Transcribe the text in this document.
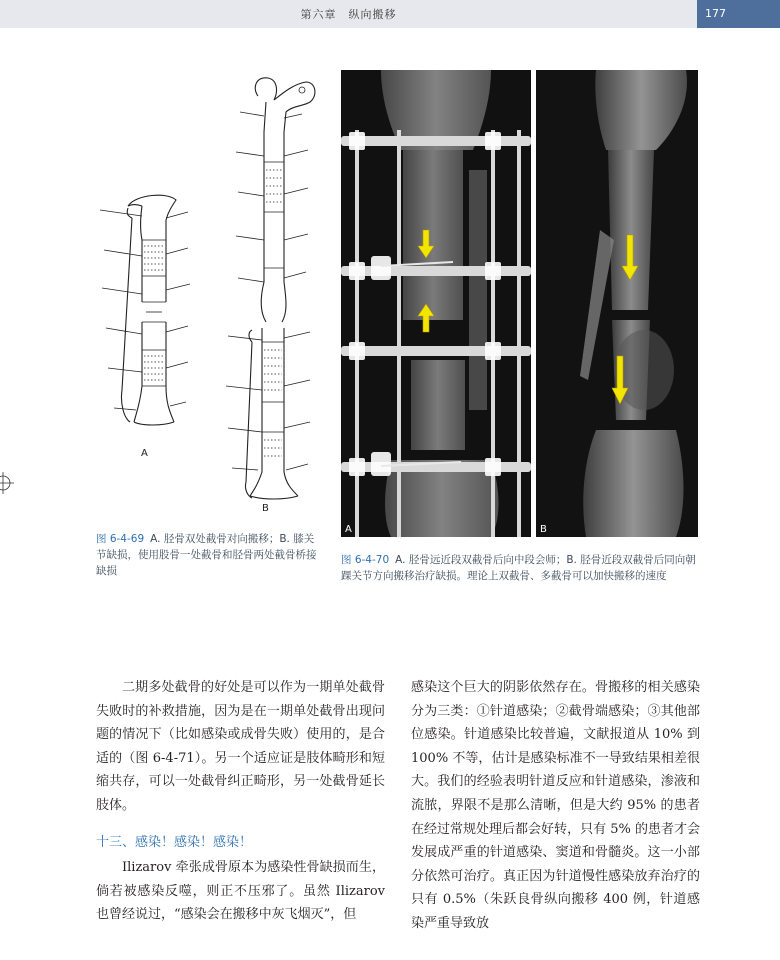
第六章　纵向搬移	177
A
B
A	B
图 6-4-69 A. 胫骨双处截骨对向搬移；B. 膝关节缺损，使用股骨一处截骨和胫骨两处截骨桥接缺损
图 6-4-70 A. 胫骨远近段双截骨后向中段会师；B. 胫骨近段双截骨后同向朝踝关节方向搬移治疗缺损。理论上双截骨、多截骨可以加快搬移的速度

二期多处截骨的好处是可以作为一期单处截骨失败时的补救措施，因为是在一期单处截骨出现问题的情况下（比如感染或成骨失败）使用的，是合适的（图 6-4-71）。另一个适应证是肢体畸形和短缩共存，可以一处截骨纠正畸形，另一处截骨延长肢体。

十三、感染！感染！感染！

Ilizarov 牵张成骨原本为感染性骨缺损而生，倘若被感染反噬，则正不压邪了。虽然 Ilizarov 也曾经说过，“感染会在搬移中灰飞烟灭”，但

感染这个巨大的阴影依然存在。骨搬移的相关感染分为三类：①针道感染；②截骨端感染；③其他部位感染。针道感染比较普遍，文献报道从 10% 到 100% 不等，估计是感染标准不一导致结果相差很大。我们的经验表明针道反应和针道感染，渗液和流脓，界限不是那么清晰，但是大约 95% 的患者在经过常规处理后都会好转，只有 5% 的患者才会发展成严重的针道感染、窦道和骨髓炎。这一小部分依然可治疗。真正因为针道慢性感染放弃治疗的只有 0.5%（朱跃良骨纵向搬移 400 例，针道感染严重导致放
